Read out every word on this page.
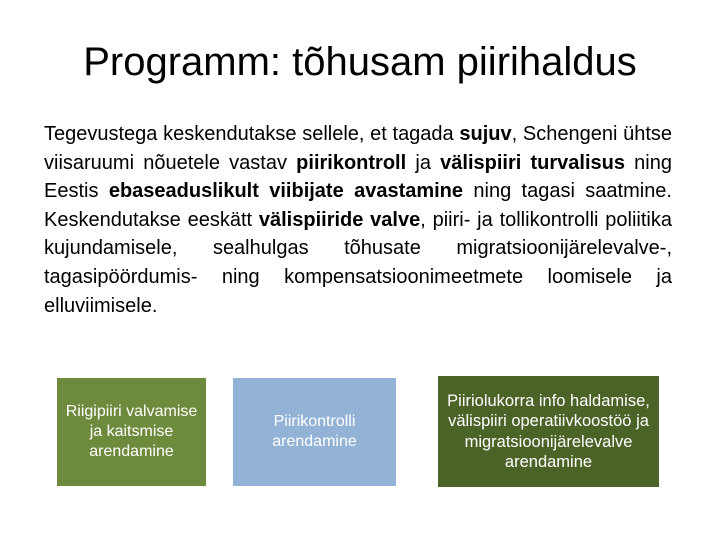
Programm: tõhusam piirihaldus

Tegevustega keskendutakse sellele, et tagada sujuv, Schengeni ühtse viisaruumi nõuetele vastav piirikontroll ja välispiiri turvalisus ning Eestis ebaseaduslikult viibijate avastamine ning tagasi saatmine. Keskendutakse eeskätt välispiiride valve, piiri- ja tollikontrolli poliitika kujundamisele, sealhulgas tõhusate migratsioonijärelevalve-, tagasipöördumis- ning kompensatsioonimeetmete loomisele ja elluviimisele.

Riigipiiri valvamise ja kaitsmise arendamine
Piirikontrolli arendamine
Piiriolukorra info haldamise, välispiiri operatiivkoostöö ja migratsioonijärelevalve arendamine
